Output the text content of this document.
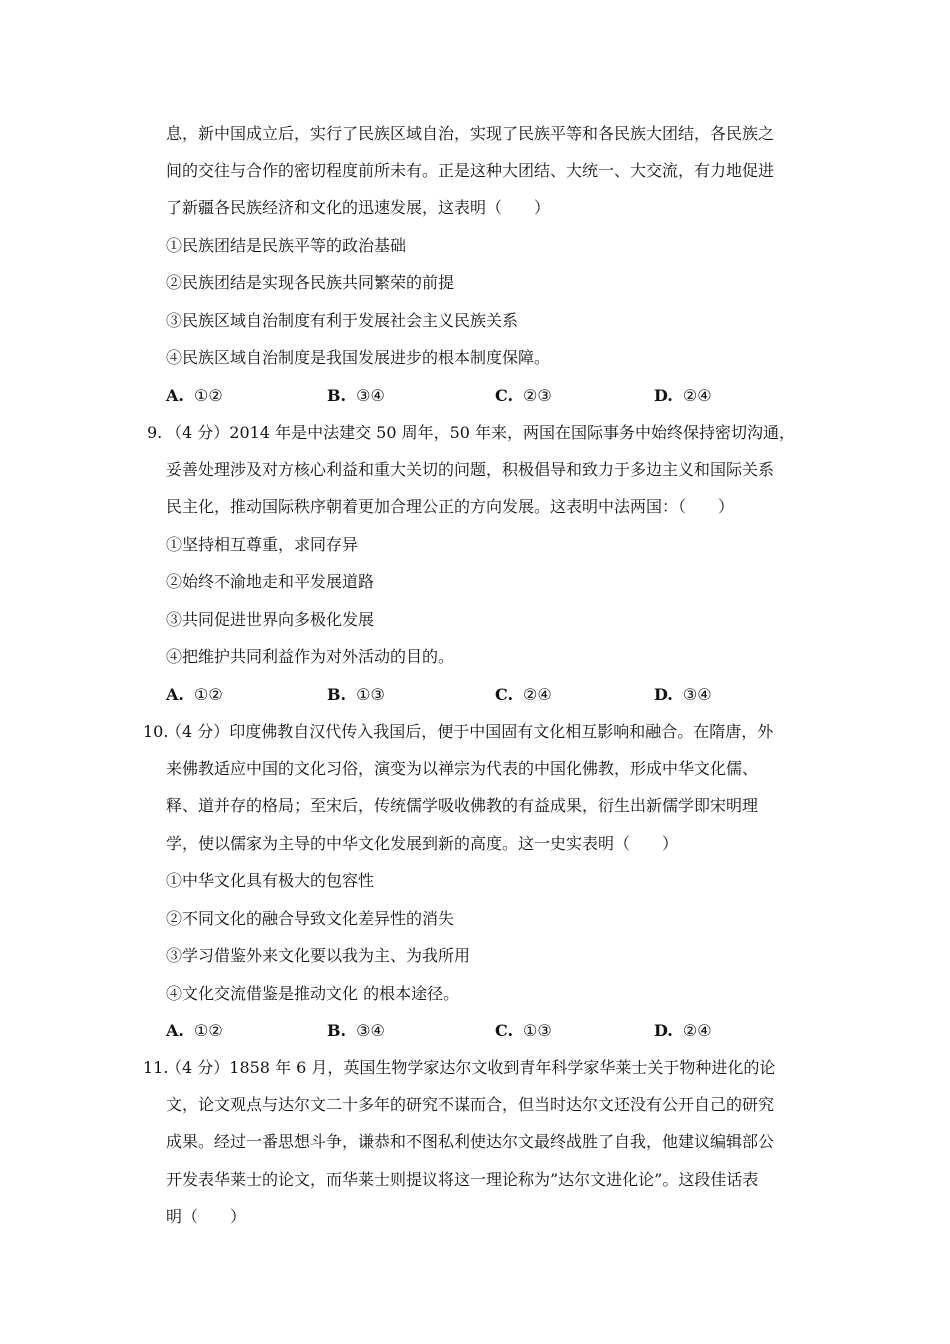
息，新中国成立后，实行了民族区域自治，实现了民族平等和各民族大团结，各民族之
间的交往与合作的密切程度前所未有。正是这种大团结、大统一、大交流，有力地促进
了新疆各民族经济和文化的迅速发展，这表明（　　）
①民族团结是民族平等的政治基础
②民族团结是实现各民族共同繁荣的前提
③民族区域自治制度有利于发展社会主义民族关系
④民族区域自治制度是我国发展进步的根本制度保障。
A. ①②	B. ③④	C. ②③	D. ②④
9. （4 分）2014 年是中法建交 50 周年，50 年来，两国在国际事务中始终保持密切沟通，
妥善处理涉及对方核心利益和重大关切的问题，积极倡导和致力于多边主义和国际关系
民主化，推动国际秩序朝着更加合理公正的方向发展。这表明中法两国：（　　）
①坚持相互尊重，求同存异
②始终不渝地走和平发展道路
③共同促进世界向多极化发展
④把维护共同利益作为对外活动的目的。
A. ①②	B. ①③	C. ②④	D. ③④
10.
（4 分）印度佛教自汉代传入我国后，便于中国固有文化相互影响和融合。在隋唐，外
来佛教适应中国的文化习俗，演变为以禅宗为代表的中国化佛教，形成中华文化儒、
释、道并存的格局；至宋后，传统儒学吸收佛教的有益成果，衍生出新儒学即宋明理
学，使以儒家为主导的中华文化发展到新的高度。这一史实表明（　　）
①中华文化具有极大的包容性
②不同文化的融合导致文化差异性的消失
③学习借鉴外来文化要以我为主、为我所用
④文化交流借鉴是推动文化 的根本途径。
A. ①②	B. ③④	C. ①③	D. ②④
11.
（4 分）1858 年 6 月，英国生物学家达尔文收到青年科学家华莱士关于物种进化的论
文，论文观点与达尔文二十多年的研究不谋而合，但当时达尔文还没有公开自己的研究
成果。经过一番思想斗争，谦恭和不图私利使达尔文最终战胜了自我，他建议编辑部公
开发表华莱士的论文，而华莱士则提议将这一理论称为”达尔文进化论”。这段佳话表
明（　　）
